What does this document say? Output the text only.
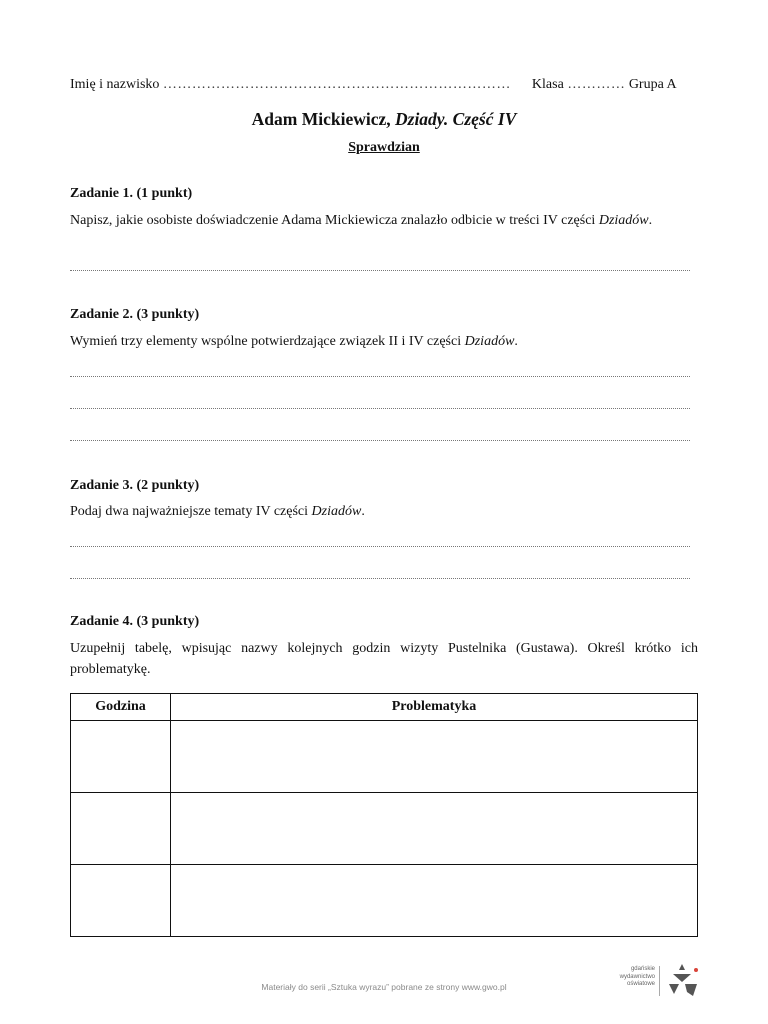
Imię i nazwisko ……………………………………………………………… Klasa ………… Grupa A
Adam Mickiewicz, Dziady. Część IV
Sprawdzian
Zadanie 1. (1 punkt)
Napisz, jakie osobiste doświadczenie Adama Mickiewicza znalazło odbicie w treści IV części Dziadów.
Zadanie 2. (3 punkty)
Wymień trzy elementy wspólne potwierdzające związek II i IV części Dziadów.
Zadanie 3. (2 punkty)
Podaj dwa najważniejsze tematy IV części Dziadów.
Zadanie 4. (3 punkty)
Uzupełnij tabelę, wpisując nazwy kolejnych godzin wizyty Pustelnika (Gustawa). Określ krótko ich problematykę.
Godzina	Problematyka

Materiały do serii „Sztuka wyrazu” pobrane ze strony www.gwo.pl
gdańskie
wydawnictwo
oświatowe
